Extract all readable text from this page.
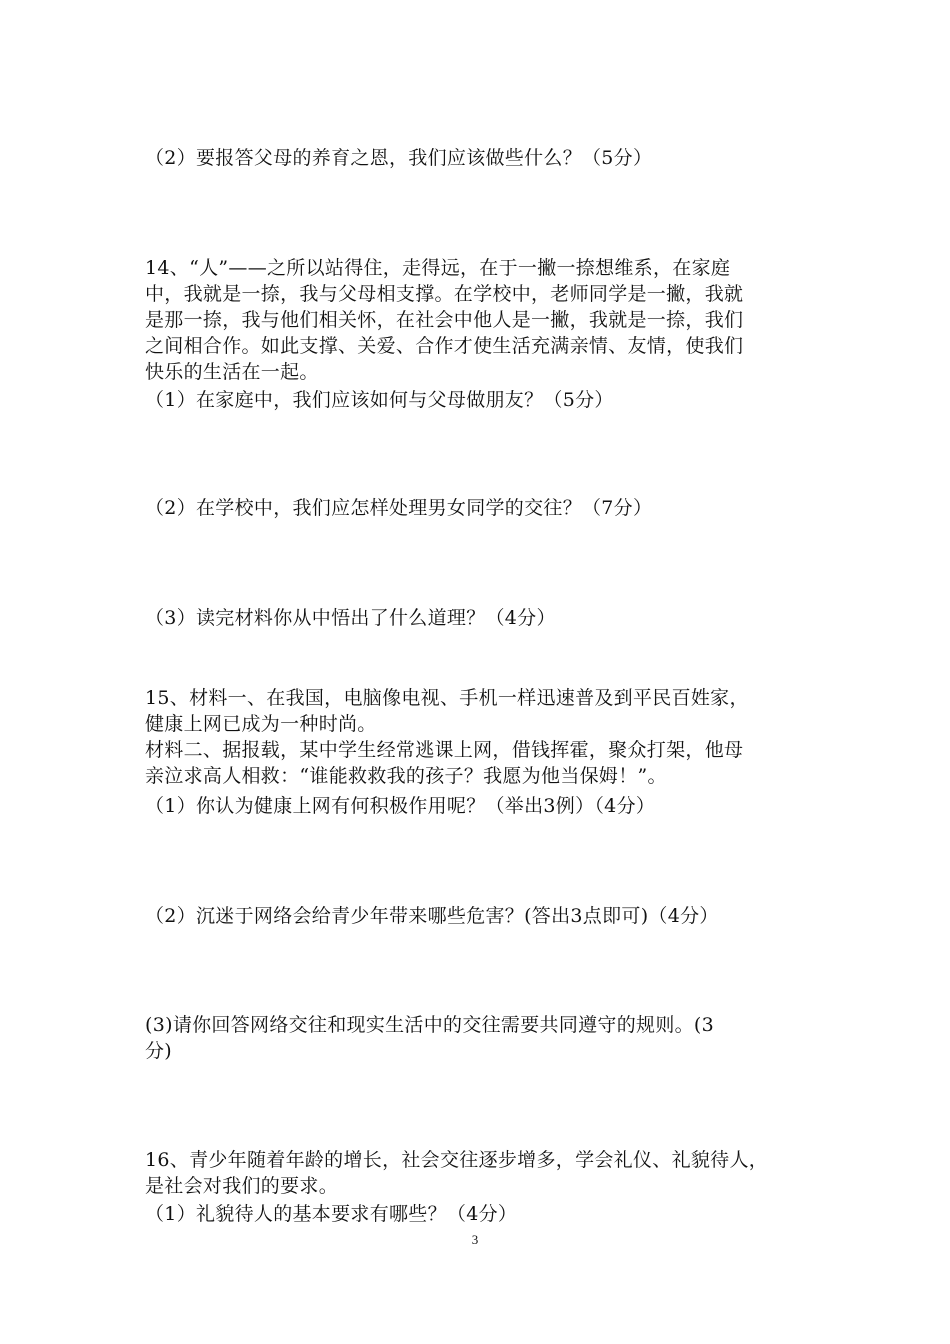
（2）要报答父母的养育之恩，我们应该做些什么？（5分）
14、“人”——之所以站得住，走得远，在于一撇一捺想维系，在家庭
中，我就是一捺，我与父母相支撑。在学校中，老师同学是一撇，我就
是那一捺，我与他们相关怀，在社会中他人是一撇，我就是一捺，我们
之间相合作。如此支撑、关爱、合作才使生活充满亲情、友情，使我们
快乐的生活在一起。
（1）在家庭中，我们应该如何与父母做朋友？（5分）
（2）在学校中，我们应怎样处理男女同学的交往？（7分）
（3）读完材料你从中悟出了什么道理？（4分）
15、材料一、在我国，电脑像电视、手机一样迅速普及到平民百姓家，
健康上网已成为一种时尚。
材料二、据报载，某中学生经常逃课上网，借钱挥霍，聚众打架，他母
亲泣求高人相救：“谁能救救我的孩子？我愿为他当保姆！”。
（1）你认为健康上网有何积极作用呢？（举出3例）（4分）
（2）沉迷于网络会给青少年带来哪些危害？(答出3点即可)（4分）
(3)请你回答网络交往和现实生活中的交往需要共同遵守的规则。(3
分)
16、青少年随着年龄的增长，社会交往逐步增多，学会礼仪、礼貌待人，
是社会对我们的要求。
（1）礼貌待人的基本要求有哪些？（4分）
3
